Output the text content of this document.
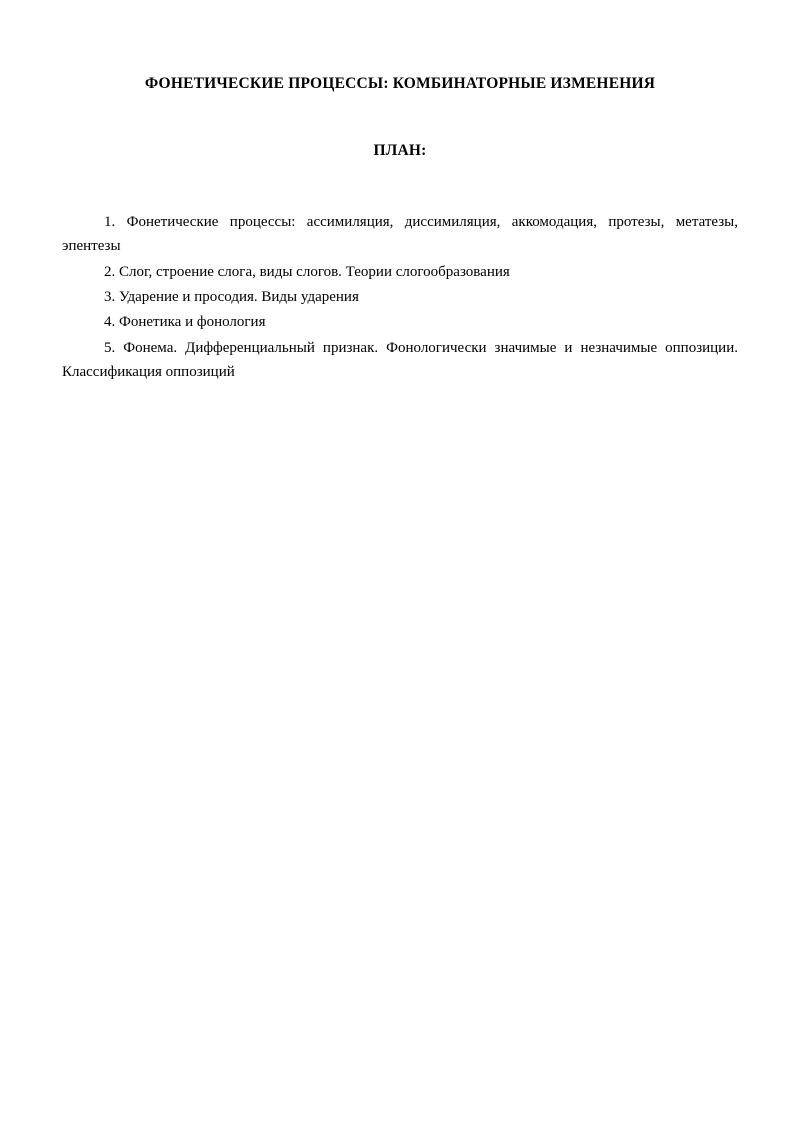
ФОНЕТИЧЕСКИЕ ПРОЦЕССЫ: КОМБИНАТОРНЫЕ ИЗМЕНЕНИЯ
ПЛАН:

1. Фонетические процессы: ассимиляция, диссимиляция, аккомодация, протезы, метатезы, эпентезы

2. Слог, строение слога, виды слогов. Теории слогообразования

3. Ударение и просодия. Виды ударения

4. Фонетика и фонология

5. Фонема. Дифференциальный признак. Фонологически значимые и незначимые оппозиции. Классификация оппозиций
